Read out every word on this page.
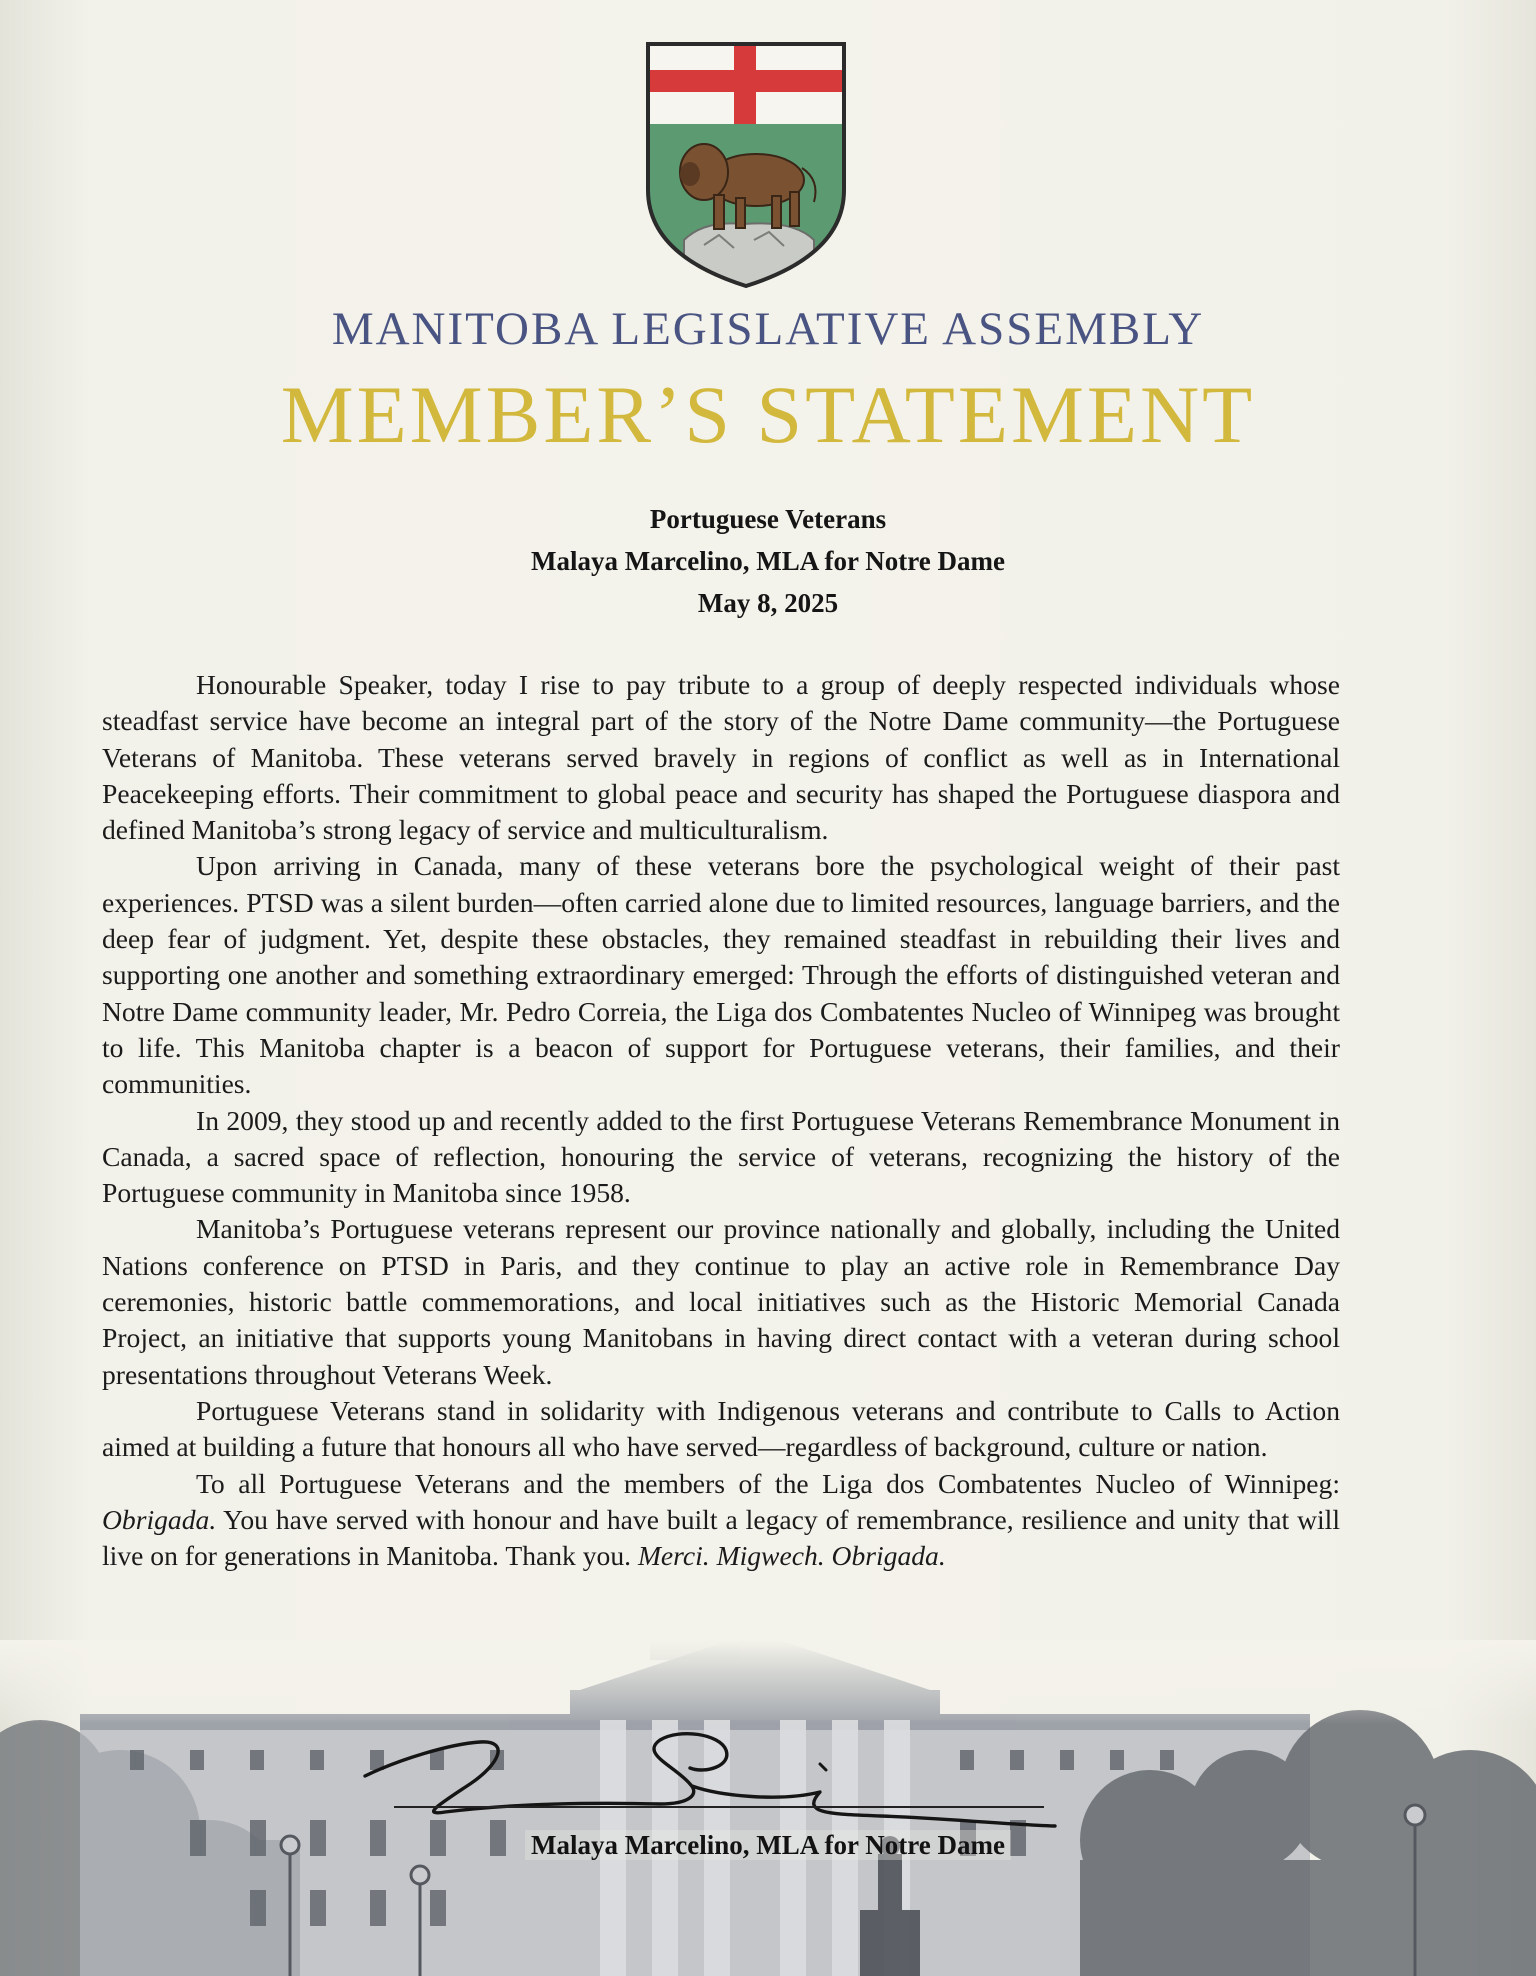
MANITOBA LEGISLATIVE ASSEMBLY
MEMBER’S STATEMENT
Portuguese Veterans
Malaya Marcelino, MLA for Notre Dame
May 8, 2025

Honourable Speaker, today I rise to pay tribute to a group of deeply respected individuals whose steadfast service have become an integral part of the story of the Notre Dame community—the Portuguese Veterans of Manitoba. These veterans served bravely in regions of conflict as well as in International Peacekeeping efforts. Their commitment to global peace and security has shaped the Portuguese diaspora and defined Manitoba’s strong legacy of service and multiculturalism.

Upon arriving in Canada, many of these veterans bore the psychological weight of their past experiences. PTSD was a silent burden—often carried alone due to limited resources, language barriers, and the deep fear of judgment. Yet, despite these obstacles, they remained steadfast in rebuilding their lives and supporting one another and something extraordinary emerged: Through the efforts of distinguished veteran and Notre Dame community leader, Mr. Pedro Correia, the Liga dos Combatentes Nucleo of Winnipeg was brought to life. This Manitoba chapter is a beacon of support for Portuguese veterans, their families, and their communities.

In 2009, they stood up and recently added to the first Portuguese Veterans Remembrance Monument in Canada, a sacred space of reflection, honouring the service of veterans, recognizing the history of the Portuguese community in Manitoba since 1958.

Manitoba’s Portuguese veterans represent our province nationally and globally, including the United Nations conference on PTSD in Paris, and they continue to play an active role in Remembrance Day ceremonies, historic battle commemorations, and local initiatives such as the Historic Memorial Canada Project, an initiative that supports young Manitobans in having direct contact with a veteran during school presentations throughout Veterans Week.

Portuguese Veterans stand in solidarity with Indigenous veterans and contribute to Calls to Action aimed at building a future that honours all who have served—regardless of background, culture or nation.

To all Portuguese Veterans and the members of the Liga dos Combatentes Nucleo of Winnipeg: Obrigada. You have served with honour and have built a legacy of remembrance, resilience and unity that will live on for generations in Manitoba. Thank you. Merci. Migwech. Obrigada.

Malaya Marcelino, MLA for Notre Dame
